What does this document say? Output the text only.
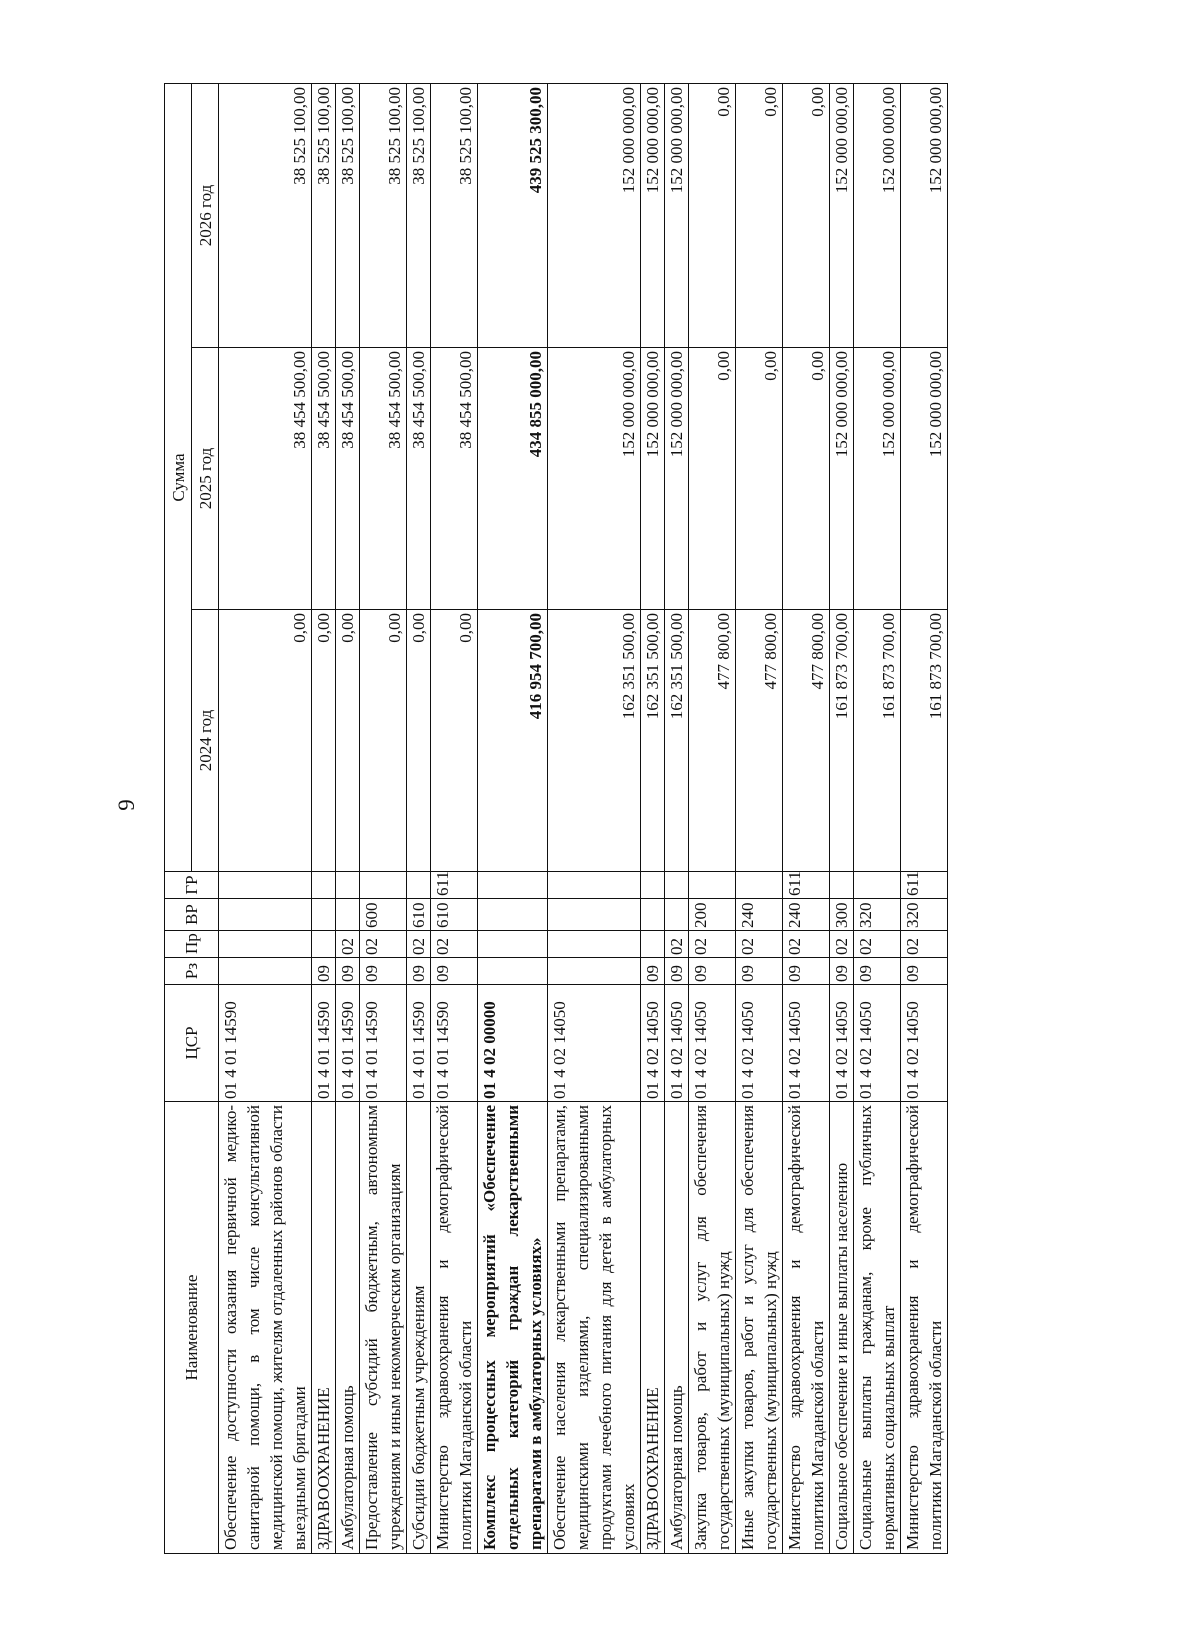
9
Наименование	ЦСР	Рз	Пр	ВР	ГР	Сумма		
						2024 год	2025 год	2026 год
Обеспечение доступности оказания первичной медико-санитарной помощи, в том числе консультативной медицинской помощи, жителям отдаленных районов области выездными бригадами	01 4 01 14590					0,00	38 454 500,00	38 525 100,00
ЗДРАВООХРАНЕНИЕ	01 4 01 14590	09				0,00	38 454 500,00	38 525 100,00
Амбулаторная помощь	01 4 01 14590	09	02			0,00	38 454 500,00	38 525 100,00
Предоставление субсидий бюджетным, автономным учреждениям и иным некоммерческим организациям	01 4 01 14590	09	02	600		0,00	38 454 500,00	38 525 100,00
Субсидии бюджетным учреждениям	01 4 01 14590	09	02	610		0,00	38 454 500,00	38 525 100,00
Министерство здравоохранения и демографической политики Магаданской области	01 4 01 14590	09	02	610	611	0,00	38 454 500,00	38 525 100,00
Комплекс процессных мероприятий «Обеспечение отдельных категорий граждан лекарственными препаратами в амбулаторных условиях»	01 4 02 00000					416 954 700,00	434 855 000,00	439 525 300,00
Обеспечение населения лекарственными препаратами, медицинскими изделиями, специализированными продуктами лечебного питания для детей в амбулаторных условиях	01 4 02 14050					162 351 500,00	152 000 000,00	152 000 000,00
ЗДРАВООХРАНЕНИЕ	01 4 02 14050	09				162 351 500,00	152 000 000,00	152 000 000,00
Амбулаторная помощь	01 4 02 14050	09	02			162 351 500,00	152 000 000,00	152 000 000,00
Закупка товаров, работ и услуг для обеспечения государственных (муниципальных) нужд	01 4 02 14050	09	02	200		477 800,00	0,00	0,00
Иные закупки товаров, работ и услуг для обеспечения государственных (муниципальных) нужд	01 4 02 14050	09	02	240		477 800,00	0,00	0,00
Министерство здравоохранения и демографической политики Магаданской области	01 4 02 14050	09	02	240	611	477 800,00	0,00	0,00
Социальное обеспечение и иные выплаты населению	01 4 02 14050	09	02	300		161 873 700,00	152 000 000,00	152 000 000,00
Социальные выплаты гражданам, кроме публичных нормативных социальных выплат	01 4 02 14050	09	02	320		161 873 700,00	152 000 000,00	152 000 000,00
Министерство здравоохранения и демографической политики Магаданской области	01 4 02 14050	09	02	320	611	161 873 700,00	152 000 000,00	152 000 000,00
